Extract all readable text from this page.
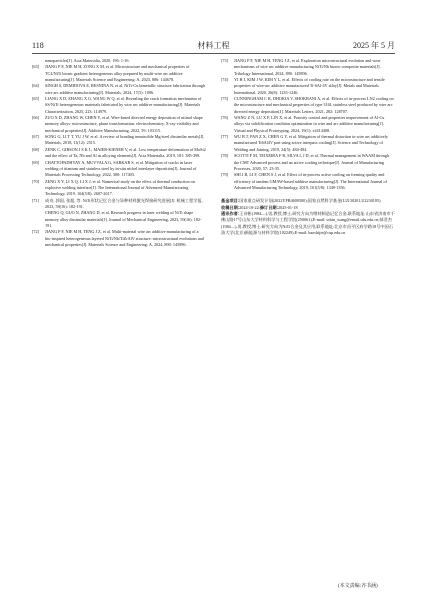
118	材料工程	2025 年 5 月

nanoparticles[J]. Acta Materialia, 2020, 196: 1-16.

[63] JIANG P F, NIE M H, ZONG X M, et al. Microstructure and mechanical properties of TC4/NiTi bionic gradient heterogeneous alloy prepared by multi-wire arc additive manufacturing[J]. Materials Science and Engineering: A, 2023, 886: 144678.

[64] SINGH S, DEMIDOVA E, RESNINA N, et al. NiTi-Cu bimetallic structure fabrication through wire arc additive manufacturing[J]. Materials, 2024, 17(5): 1006.

[65] LIANG X D, ZHANG X G, WANG W Q, et al. Revealing the crack formation mechanism of SS/NiTi heterogeneous materials fabricated by wire arc additive manufacturing[J]. Materials Characterization, 2025, 223: 114979.

[66] ZUO X D, ZHANG W, CHEN Y, et al. Wire-based directed energy deposition of nitinol shape memory alloys: microstructure, phase transformation, electrochemistry, X-ray visibility and mechanical properties[J]. Additive Manufacturing, 2022, 59: 103115.

[67] SONG G, LI T T, YU J W, et al. A review of bonding immiscible Mg/steel dissimilar metals[J]. Materials, 2018, 11(12): 2515.

[68] ZENK C, GIBSON J S K L, MAIER-KIENER V, et al. Low temperature deformation of MoSi2 and the effect of Ta, Nb and Al as alloying elements[J]. Acta Materialia, 2019, 181: 385-398.

[69] CHATTOPADHYAY A, MUVVALA G, SARKAR S, et al. Mitigation of cracks in laser welding of titanium and stainless steel by in-situ nickel interlayer deposition[J]. Journal of Materials Processing Technology, 2022, 300: 117403.

[70] ZENG X Y, LI X Q, LI X J, et al. Numerical study on the effect of thermal conduction on explosive welding interface[J]. The International Journal of Advanced Manufacturing Technology, 2019, 104(5/8): 2607-2617.

[71] 成奇, 郭国, 张超, 等. NiTi形状记忆合金与异种材料激光焊接研究进展[J]. 机械工程学报, 2023, 59(16): 182-191.

CHENG Q, GUO N, ZHANG D, et al. Research progress in laser welding of NiTi shape memory alloy dissimilar materials[J]. Journal of Mechanical Engineering, 2023, 59(16): 182-191.

[72] JIANG P F, NIE M H, TENG J Z, et al. Multi-material wire arc additive manufacturing of a bio-inspired heterogeneous layered NiTi/Nb/TiZrAlV structure: microstructural evolutions and mechanical properties[J]. Materials Science and Engineering: A, 2024, 890: 145896.

[73] JIANG P F, NIE M H, TENG J Z, et al. Exploration microstructural evolution and wear mechanisms of wire arc additive manufacturing NiTi/Nb bionic composite materials[J]. Tribology International, 2024, 890: 145896.

[74] YI H J, KIM J W, KIM Y L, et al. Effects of cooling rate on the microstructure and tensile properties of wire-arc additive manufactured Ti-6Al-4V alloy[J]. Metals and Materials International, 2020, 26(8): 1235-1246.

[75] CUNNINGHAM C R, DHOKIA V, SHOKRANI A, et al. Effects of in-process LN2 cooling on the microstructure and mechanical properties of type 316L stainless steel produced by wire arc directed energy deposition[J]. Materials Letters, 2021, 282: 128707.

[76] WANG Z N, LU X F, LIN X, et al. Porosity control and properties improvement of Al-Cu alloys via solidification condition optimization in wire and arc additive manufacturing[J]. Virtual and Physical Prototyping, 2024, 19(1): e2414408.

[77] WU B T, PAN Z X, CHEN G Y, et al. Mitigation of thermal distortion in wire arc additively manufactured Ti6Al4V part using active interpass cooling[J]. Science and Technology of Welding and Joining, 2019, 24(5): 484-494.

[78] SCOTTI F M, TEIXEIRA F R, SILVA L J D, et al. Thermal management in WAAM through the CMT Advanced process and an active cooling technique[J]. Journal of Manufacturing Processes, 2020, 57: 23-35.

[79] SHI J B, LI F, CHEN S J, et al. Effect of in-process active cooling on forming quality and efficiency of tandem GMAW-based additive manufacturing[J]. The International Journal of Advanced Manufacturing Technology, 2019, 101(5/8): 1349-1356.

基金项目:国家重点研发计划(2022YFB4600500);国家自然科学基金(U2130201,U2230105)

收稿日期:2024-10-22;修订日期:2025-01-18

通讯作者:王诗彬(1984—),男,教授,博士,研究方向为增材制造记忆合金,联系地址:山东省济南市千佛山路17号山东大学材料科学与工程学院(250061),E-mail: ssbin_wang@email.sdu.edu.cn;郝君杰(1984—),男,教授,博士,研究方向为NiTi合金及其应用,联系地址:北京市昌平区府学路18号中国石油大学(北京)新能源与材料学院(102249),E-mail: haoshijie@cup.edu.cn

(本文责编:齐书涵)
